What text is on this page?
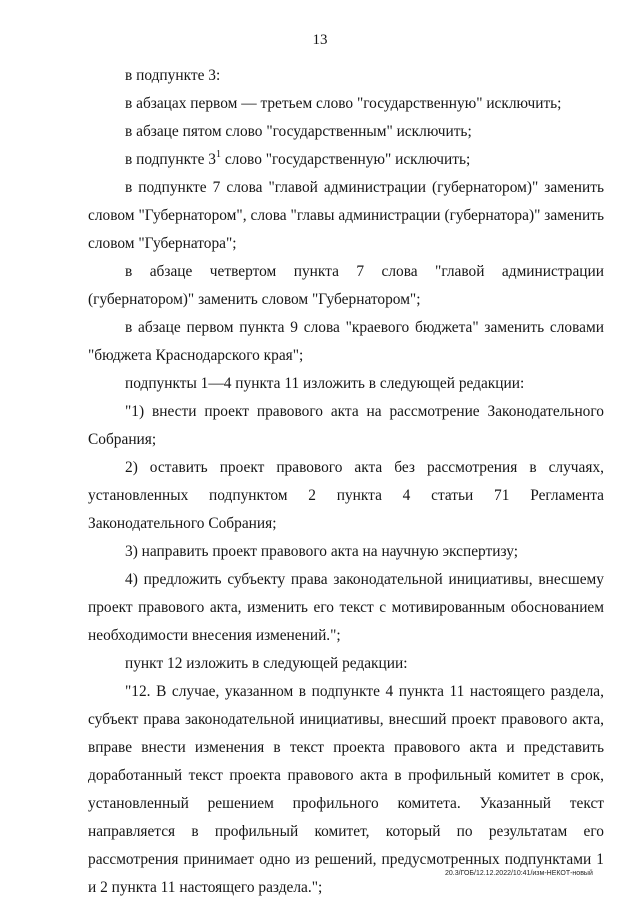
13

в подпункте 3:

в абзацах первом — третьем слово "государственную" исключить;

в абзаце пятом слово "государственным" исключить;

в подпункте $3^1$ слово "государственную" исключить;

в подпункте 7 слова "главой администрации (губернатором)" заменить словом "Губернатором", слова "главы администрации (губернатора)" заменить словом "Губернатора";

в абзаце четвертом пункта 7 слова "главой администрации (губернатором)" заменить словом "Губернатором";

в абзаце первом пункта 9 слова "краевого бюджета" заменить словами "бюджета Краснодарского края";

подпункты 1—4 пункта 11 изложить в следующей редакции:

"1) внести проект правового акта на рассмотрение Законодательного Собрания;

2) оставить проект правового акта без рассмотрения в случаях, установленных подпунктом 2 пункта 4 статьи 71 Регламента Законодательного Собрания;

3) направить проект правового акта на научную экспертизу;

4) предложить субъекту права законодательной инициативы, внесшему проект правового акта, изменить его текст с мотивированным обоснованием необходимости внесения изменений.";

пункт 12 изложить в следующей редакции:

"12. В случае, указанном в подпункте 4 пункта 11 настоящего раздела, субъект права законодательной инициативы, внесший проект правового акта, вправе внести изменения в текст проекта правового акта и представить доработанный текст проекта правового акта в профильный комитет в срок, установленный решением профильного комитета. Указанный текст направляется в профильный комитет, который по результатам его рассмотрения принимает одно из решений, предусмотренных подпунктами 1 и 2 пункта 11 настоящего раздела.";

20.3/ГОБ/12.12.2022/10:41/изм-НЕКОТ-новый
